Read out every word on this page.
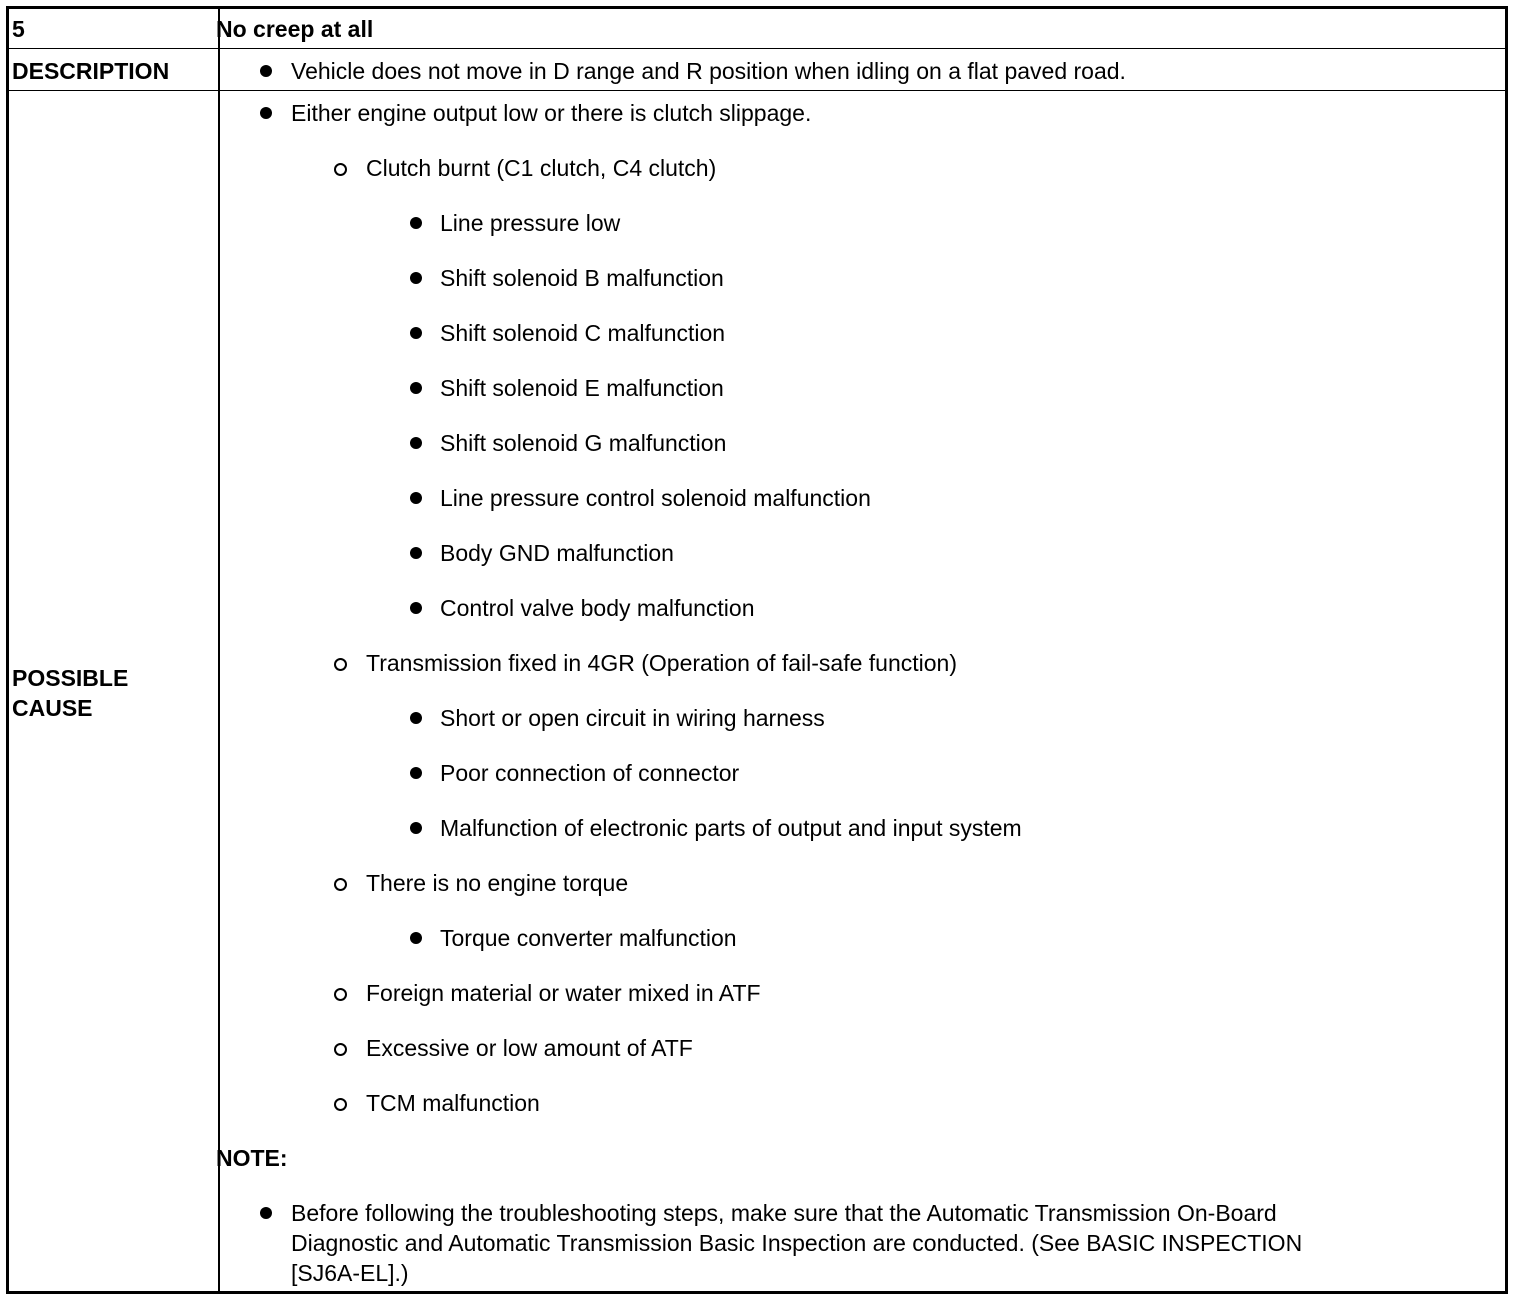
5	No creep at all
DESCRIPTION	Vehicle does not move in D range and R position when idling on a flat paved road.
POSSIBLE
CAUSE
Either engine output low or there is clutch slippage.
Clutch burnt (C1 clutch, C4 clutch)
Line pressure low
Shift solenoid B malfunction
Shift solenoid C malfunction
Shift solenoid E malfunction
Shift solenoid G malfunction
Line pressure control solenoid malfunction
Body GND malfunction
Control valve body malfunction
Transmission fixed in 4GR (Operation of fail-safe function)
Short or open circuit in wiring harness
Poor connection of connector
Malfunction of electronic parts of output and input system
There is no engine torque
Torque converter malfunction
Foreign material or water mixed in ATF
Excessive or low amount of ATF
TCM malfunction
NOTE:
Before following the troubleshooting steps, make sure that the Automatic Transmission On-Board
Diagnostic and Automatic Transmission Basic Inspection are conducted. (See BASIC INSPECTION
[SJ6A-EL].)
